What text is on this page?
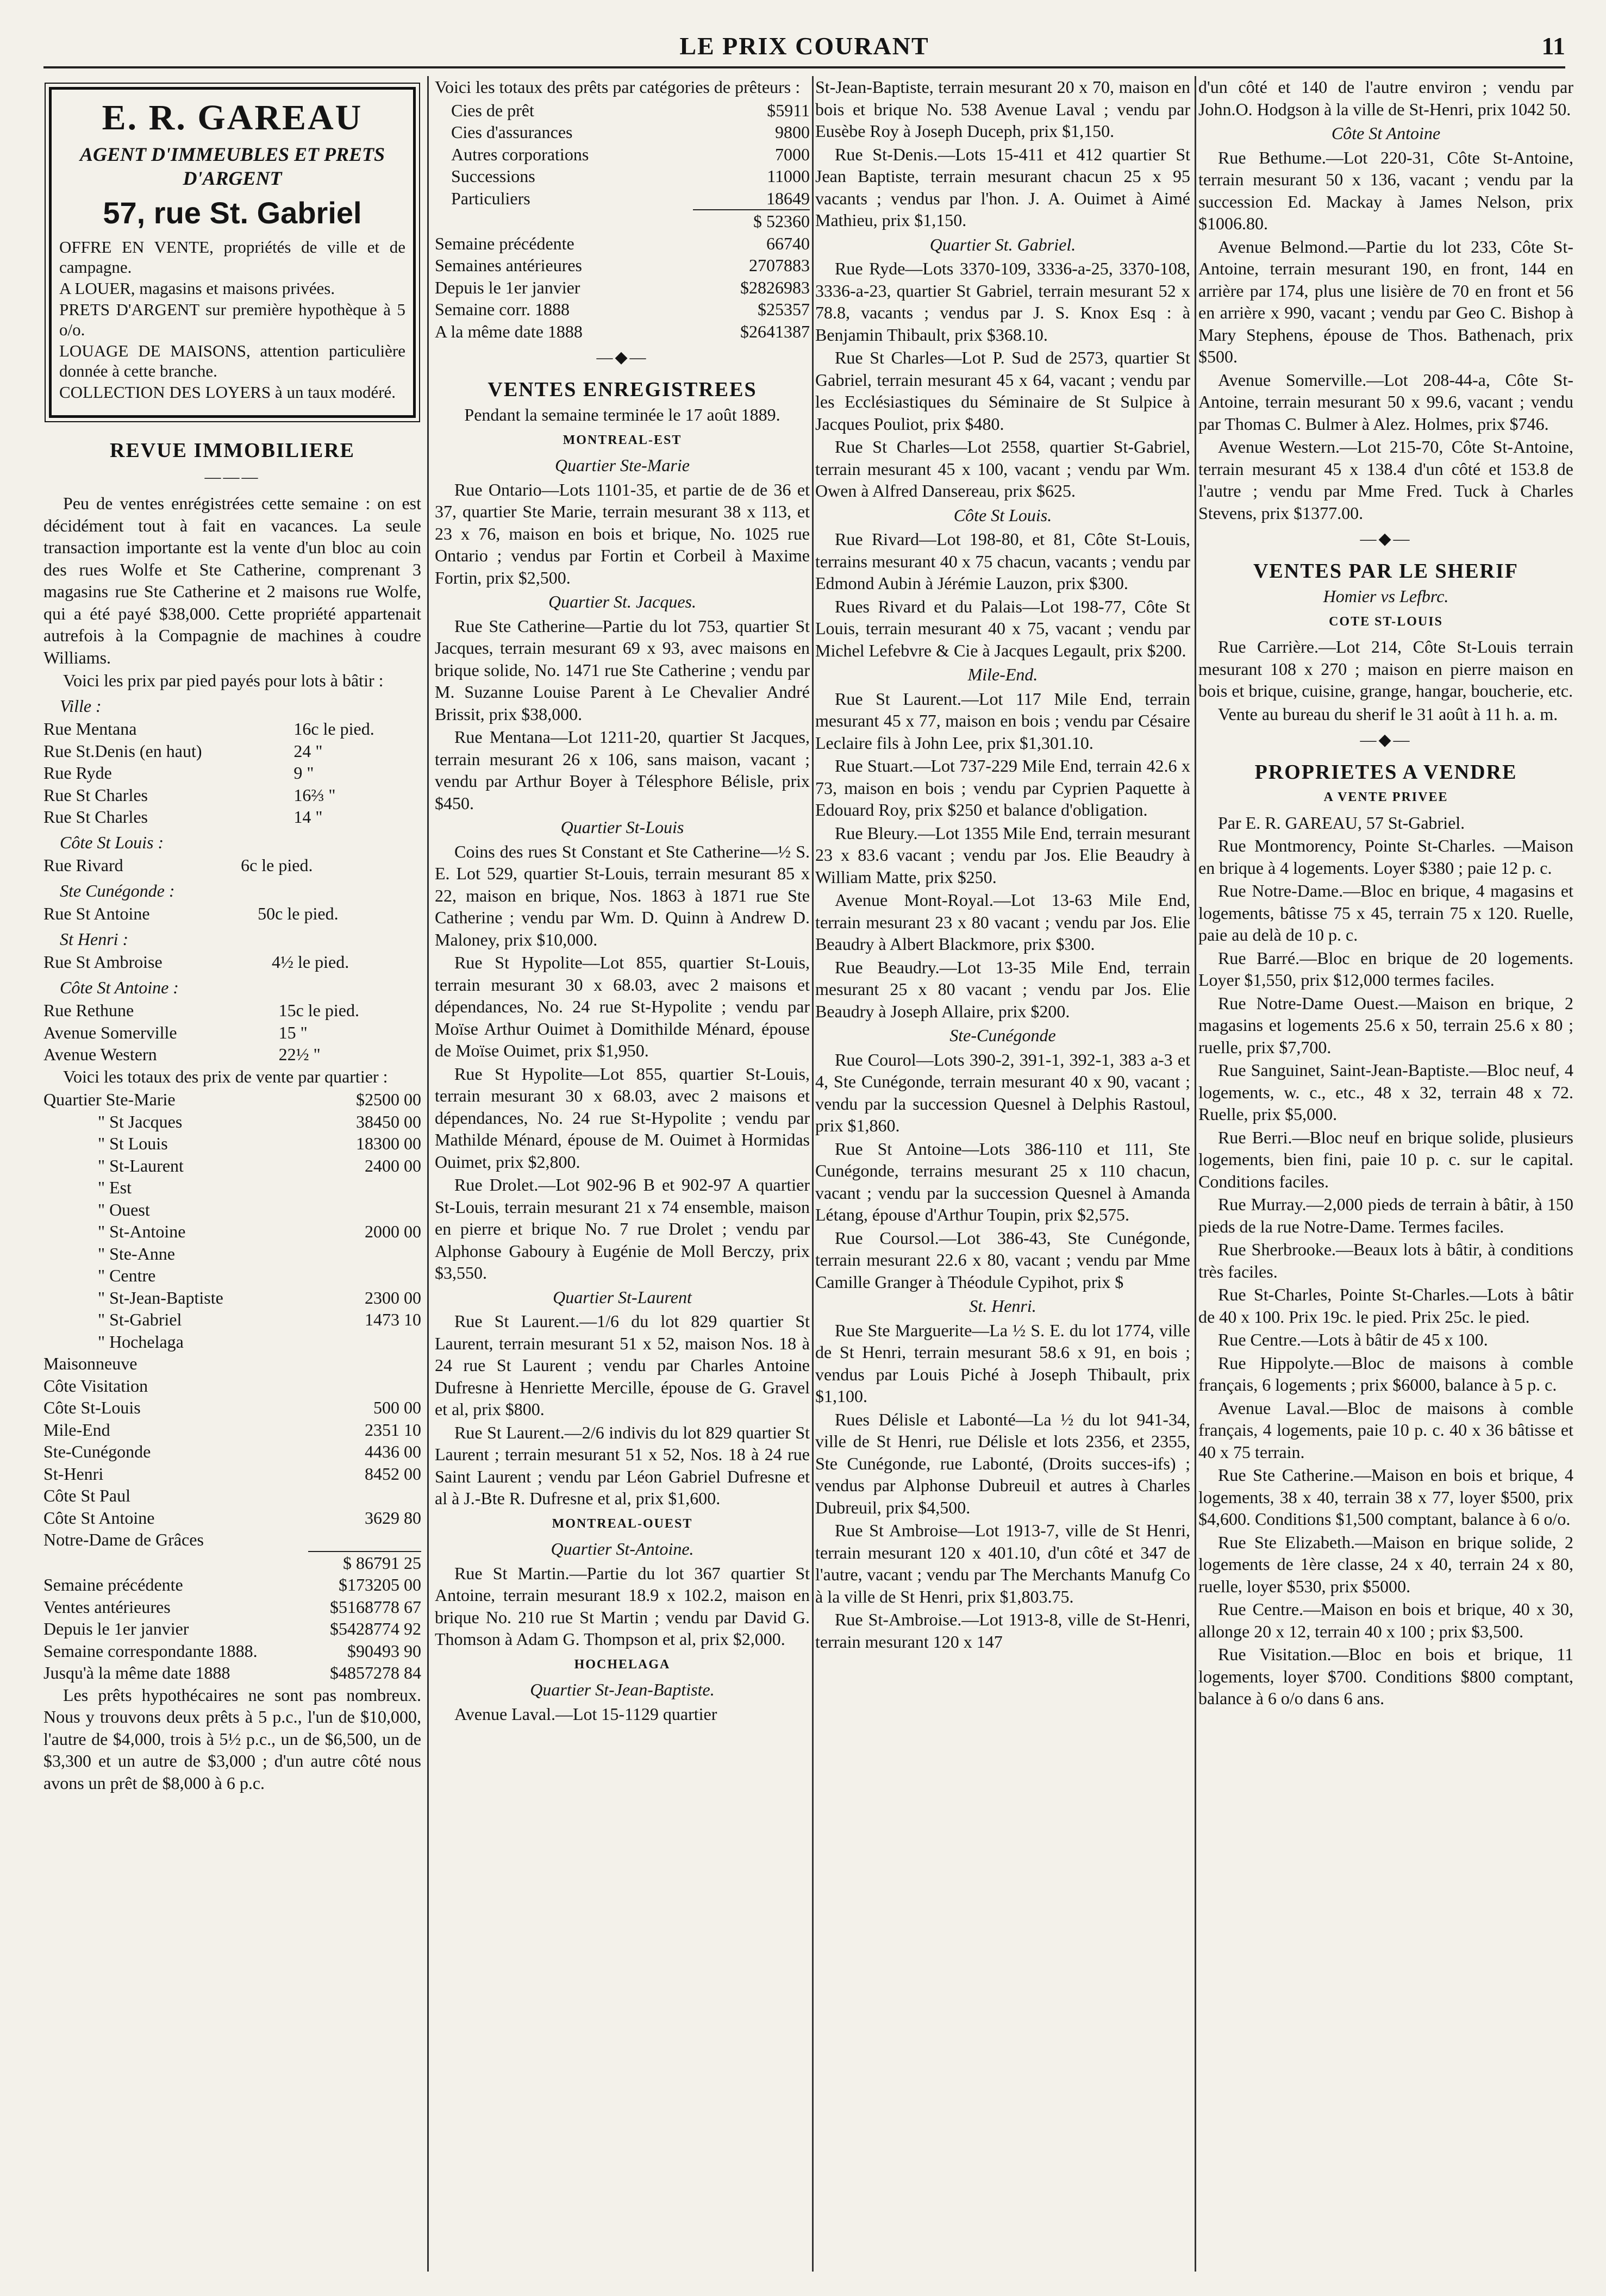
LE PRIX COURANT	11
E. R. GAREAU
AGENT D'IMMEUBLES ET PRETS D'ARGENT
57, rue St. Gabriel
OFFRE EN VENTE, propriétés de ville et de campagne.
A LOUER, magasins et maisons privées.
PRETS D'ARGENT sur première hypothèque à 5 o/o.
LOUAGE DE MAISONS, attention particulière donnée à cette branche.
COLLECTION DES LOYERS à un taux modéré.
REVUE IMMOBILIERE
———

Peu de ventes enrégistrées cette semaine : on est décidément tout à fait en vacances. La seule transaction importante est la vente d'un bloc au coin des rues Wolfe et Ste Catherine, comprenant 3 magasins rue Ste Catherine et 2 maisons rue Wolfe, qui a été payé $38,000. Cette propriété appartenait autrefois à la Compagnie de machines à coudre Williams.

Voici les prix par pied payés pour lots à bâtir :

Ville :
Rue Mentana	16c le pied.
Rue St.Denis (en haut)	24 "
Rue Ryde	9 "
Rue St Charles	16⅔ "
Rue St Charles	14 "
Côte St Louis :
Rue Rivard	6c le pied.
Ste Cunégonde :
Rue St Antoine	50c le pied.
St Henri :
Rue St Ambroise	4½ le pied.
Côte St Antoine :
Rue Rethune	15c le pied.
Avenue Somerville	15 "
Avenue Western	22½ "

Voici les totaux des prix de vente par quartier :

Quartier Ste-Marie	$2500 00
" St Jacques	38450 00
" St Louis	18300 00
" St-Laurent	2400 00
" Est	
" Ouest	
" St-Antoine	2000 00
" Ste-Anne	
" Centre	
" St-Jean-Baptiste	2300 00
" St-Gabriel	1473 10
" Hochelaga	
Maisonneuve	
Côte Visitation	
Côte St-Louis	500 00
Mile-End	2351 10
Ste-Cunégonde	4436 00
St-Henri	8452 00
Côte St Paul	
Côte St Antoine	3629 80
Notre-Dame de Grâces	
	$ 86791 25
Semaine précédente	$173205 00
Ventes antérieures	$5168778 67
Depuis le 1er janvier	$5428774 92
Semaine correspondante 1888.	$90493 90
Jusqu'à la même date 1888	$4857278 84

Les prêts hypothécaires ne sont pas nombreux. Nous y trouvons deux prêts à 5 p.c., l'un de $10,000, l'autre de $4,000, trois à 5½ p.c., un de $6,500, un de $3,300 et un autre de $3,000 ; d'un autre côté nous avons un prêt de $8,000 à 6 p.c.

Voici les totaux des prêts par catégories de prêteurs :

Cies de prêt	$5911
Cies d'assurances	9800
Autres corporations	7000
Successions	11000
Particuliers	18649
	$ 52360
Semaine précédente	66740
Semaines antérieures	2707883
Depuis le 1er janvier	$2826983
Semaine corr. 1888	$25357
A la même date 1888	$2641387
—◆—
VENTES ENREGISTREES
Pendant la semaine terminée le 17 août 1889.
MONTREAL-EST
Quartier Ste-Marie

Rue Ontario—Lots 1101-35, et partie de de 36 et 37, quartier Ste Marie, terrain mesurant 38 x 113, et 23 x 76, maison en bois et brique, No. 1025 rue Ontario ; vendus par Fortin et Corbeil à Maxime Fortin, prix $2,500.

Quartier St. Jacques.

Rue Ste Catherine—Partie du lot 753, quartier St Jacques, terrain mesurant 69 x 93, avec maisons en brique solide, No. 1471 rue Ste Catherine ; vendu par M. Suzanne Louise Parent à Le Chevalier André Brissit, prix $38,000.

Rue Mentana—Lot 1211-20, quartier St Jacques, terrain mesurant 26 x 106, sans maison, vacant ; vendu par Arthur Boyer à Télesphore Bélisle, prix $450.

Quartier St-Louis

Coins des rues St Constant et Ste Catherine—½ S. E. Lot 529, quartier St-Louis, terrain mesurant 85 x 22, maison en brique, Nos. 1863 à 1871 rue Ste Catherine ; vendu par Wm. D. Quinn à Andrew D. Maloney, prix $10,000.

Rue St Hypolite—Lot 855, quartier St-Louis, terrain mesurant 30 x 68.03, avec 2 maisons et dépendances, No. 24 rue St-Hypolite ; vendu par Moïse Arthur Ouimet à Domithilde Ménard, épouse de Moïse Ouimet, prix $1,950.

Rue St Hypolite—Lot 855, quartier St-Louis, terrain mesurant 30 x 68.03, avec 2 maisons et dépendances, No. 24 rue St-Hypolite ; vendu par Mathilde Ménard, épouse de M. Ouimet à Hormidas Ouimet, prix $2,800.

Rue Drolet.—Lot 902-96 B et 902-97 A quartier St-Louis, terrain mesurant 21 x 74 ensemble, maison en pierre et brique No. 7 rue Drolet ; vendu par Alphonse Gaboury à Eugénie de Moll Berczy, prix $3,550.

Quartier St-Laurent

Rue St Laurent.—1/6 du lot 829 quartier St Laurent, terrain mesurant 51 x 52, maison Nos. 18 à 24 rue St Laurent ; vendu par Charles Antoine Dufresne à Henriette Mercille, épouse de G. Gravel et al, prix $800.

Rue St Laurent.—2/6 indivis du lot 829 quartier St Laurent ; terrain mesurant 51 x 52, Nos. 18 à 24 rue Saint Laurent ; vendu par Léon Gabriel Dufresne et al à J.-Bte R. Dufresne et al, prix $1,600.

MONTREAL-OUEST
Quartier St-Antoine.

Rue St Martin.—Partie du lot 367 quartier St Antoine, terrain mesurant 18.9 x 102.2, maison en brique No. 210 rue St Martin ; vendu par David G. Thomson à Adam G. Thompson et al, prix $2,000.

HOCHELAGA
Quartier St-Jean-Baptiste.

Avenue Laval.—Lot 15-1129 quartier

St-Jean-Baptiste, terrain mesurant 20 x 70, maison en bois et brique No. 538 Avenue Laval ; vendu par Eusèbe Roy à Joseph Duceph, prix $1,150.

Rue St-Denis.—Lots 15-411 et 412 quartier St Jean Baptiste, terrain mesurant chacun 25 x 95 vacants ; vendus par l'hon. J. A. Ouimet à Aimé Mathieu, prix $1,150.

Quartier St. Gabriel.

Rue Ryde—Lots 3370-109, 3336-a-25, 3370-108, 3336-a-23, quartier St Gabriel, terrain mesurant 52 x 78.8, vacants ; vendus par J. S. Knox Esq : à Benjamin Thibault, prix $368.10.

Rue St Charles—Lot P. Sud de 2573, quartier St Gabriel, terrain mesurant 45 x 64, vacant ; vendu par les Ecclésiastiques du Séminaire de St Sulpice à Jacques Pouliot, prix $480.

Rue St Charles—Lot 2558, quartier St-Gabriel, terrain mesurant 45 x 100, vacant ; vendu par Wm. Owen à Alfred Dansereau, prix $625.

Côte St Louis.

Rue Rivard—Lot 198-80, et 81, Côte St-Louis, terrains mesurant 40 x 75 chacun, vacants ; vendu par Edmond Aubin à Jérémie Lauzon, prix $300.

Rues Rivard et du Palais—Lot 198-77, Côte St Louis, terrain mesurant 40 x 75, vacant ; vendu par Michel Lefebvre & Cie à Jacques Legault, prix $200.

Mile-End.

Rue St Laurent.—Lot 117 Mile End, terrain mesurant 45 x 77, maison en bois ; vendu par Césaire Leclaire fils à John Lee, prix $1,301.10.

Rue Stuart.—Lot 737-229 Mile End, terrain 42.6 x 73, maison en bois ; vendu par Cyprien Paquette à Edouard Roy, prix $250 et balance d'obligation.

Rue Bleury.—Lot 1355 Mile End, terrain mesurant 23 x 83.6 vacant ; vendu par Jos. Elie Beaudry à William Matte, prix $250.

Avenue Mont-Royal.—Lot 13-63 Mile End, terrain mesurant 23 x 80 vacant ; vendu par Jos. Elie Beaudry à Albert Blackmore, prix $300.

Rue Beaudry.—Lot 13-35 Mile End, terrain mesurant 25 x 80 vacant ; vendu par Jos. Elie Beaudry à Joseph Allaire, prix $200.

Ste-Cunégonde

Rue Courol—Lots 390-2, 391-1, 392-1, 383 a-3 et 4, Ste Cunégonde, terrain mesurant 40 x 90, vacant ; vendu par la succession Quesnel à Delphis Rastoul, prix $1,860.

Rue St Antoine—Lots 386-110 et 111, Ste Cunégonde, terrains mesurant 25 x 110 chacun, vacant ; vendu par la succession Quesnel à Amanda Létang, épouse d'Arthur Toupin, prix $2,575.

Rue Coursol.—Lot 386-43, Ste Cunégonde, terrain mesurant 22.6 x 80, vacant ; vendu par Mme Camille Granger à Théodule Cypihot, prix $

St. Henri.

Rue Ste Marguerite—La ½ S. E. du lot 1774, ville de St Henri, terrain mesurant 58.6 x 91, en bois ; vendus par Louis Piché à Joseph Thibault, prix $1,100.

Rues Délisle et Labonté—La ½ du lot 941-34, ville de St Henri, rue Délisle et lots 2356, et 2355, Ste Cunégonde, rue Labonté, (Droits succes-ifs) ; vendus par Alphonse Dubreuil et autres à Charles Dubreuil, prix $4,500.

Rue St Ambroise—Lot 1913-7, ville de St Henri, terrain mesurant 120 x 401.10, d'un côté et 347 de l'autre, vacant ; vendu par The Merchants Manufg Co à la ville de St Henri, prix $1,803.75.

Rue St-Ambroise.—Lot 1913-8, ville de St-Henri, terrain mesurant 120 x 147

d'un côté et 140 de l'autre environ ; vendu par John.O. Hodgson à la ville de St-Henri, prix 1042 50.

Côte St Antoine

Rue Bethume.—Lot 220-31, Côte St-Antoine, terrain mesurant 50 x 136, vacant ; vendu par la succession Ed. Mackay à James Nelson, prix $1006.80.

Avenue Belmond.—Partie du lot 233, Côte St-Antoine, terrain mesurant 190, en front, 144 en arrière par 174, plus une lisière de 70 en front et 56 en arrière x 990, vacant ; vendu par Geo C. Bishop à Mary Stephens, épouse de Thos. Bathenach, prix $500.

Avenue Somerville.—Lot 208-44-a, Côte St-Antoine, terrain mesurant 50 x 99.6, vacant ; vendu par Thomas C. Bulmer à Alez. Holmes, prix $746.

Avenue Western.—Lot 215-70, Côte St-Antoine, terrain mesurant 45 x 138.4 d'un côté et 153.8 de l'autre ; vendu par Mme Fred. Tuck à Charles Stevens, prix $1377.00.

—◆—
VENTES PAR LE SHERIF
Homier vs Lefbrc.
COTE ST-LOUIS

Rue Carrière.—Lot 214, Côte St-Louis terrain mesurant 108 x 270 ; maison en pierre maison en bois et brique, cuisine, grange, hangar, boucherie, etc.

Vente au bureau du sherif le 31 août à 11 h. a. m.

—◆—
PROPRIETES A VENDRE
A VENTE PRIVEE

Par E. R. GAREAU, 57 St-Gabriel.

Rue Montmorency, Pointe St-Charles. —Maison en brique à 4 logements. Loyer $380 ; paie 12 p. c.

Rue Notre-Dame.—Bloc en brique, 4 magasins et logements, bâtisse 75 x 45, terrain 75 x 120. Ruelle, paie au delà de 10 p. c.

Rue Barré.—Bloc en brique de 20 logements. Loyer $1,550, prix $12,000 termes faciles.

Rue Notre-Dame Ouest.—Maison en brique, 2 magasins et logements 25.6 x 50, terrain 25.6 x 80 ; ruelle, prix $7,700.

Rue Sanguinet, Saint-Jean-Baptiste.—Bloc neuf, 4 logements, w. c., etc., 48 x 32, terrain 48 x 72. Ruelle, prix $5,000.

Rue Berri.—Bloc neuf en brique solide, plusieurs logements, bien fini, paie 10 p. c. sur le capital. Conditions faciles.

Rue Murray.—2,000 pieds de terrain à bâtir, à 150 pieds de la rue Notre-Dame. Termes faciles.

Rue Sherbrooke.—Beaux lots à bâtir, à conditions très faciles.

Rue St-Charles, Pointe St-Charles.—Lots à bâtir de 40 x 100. Prix 19c. le pied. Prix 25c. le pied.

Rue Centre.—Lots à bâtir de 45 x 100.

Rue Hippolyte.—Bloc de maisons à comble français, 6 logements ; prix $6000, balance à 5 p. c.

Avenue Laval.—Bloc de maisons à comble français, 4 logements, paie 10 p. c. 40 x 36 bâtisse et 40 x 75 terrain.

Rue Ste Catherine.—Maison en bois et brique, 4 logements, 38 x 40, terrain 38 x 77, loyer $500, prix $4,600. Conditions $1,500 comptant, balance à 6 o/o.

Rue Ste Elizabeth.—Maison en brique solide, 2 logements de 1ère classe, 24 x 40, terrain 24 x 80, ruelle, loyer $530, prix $5000.

Rue Centre.—Maison en bois et brique, 40 x 30, allonge 20 x 12, terrain 40 x 100 ; prix $3,500.

Rue Visitation.—Bloc en bois et brique, 11 logements, loyer $700. Conditions $800 comptant, balance à 6 o/o dans 6 ans.
